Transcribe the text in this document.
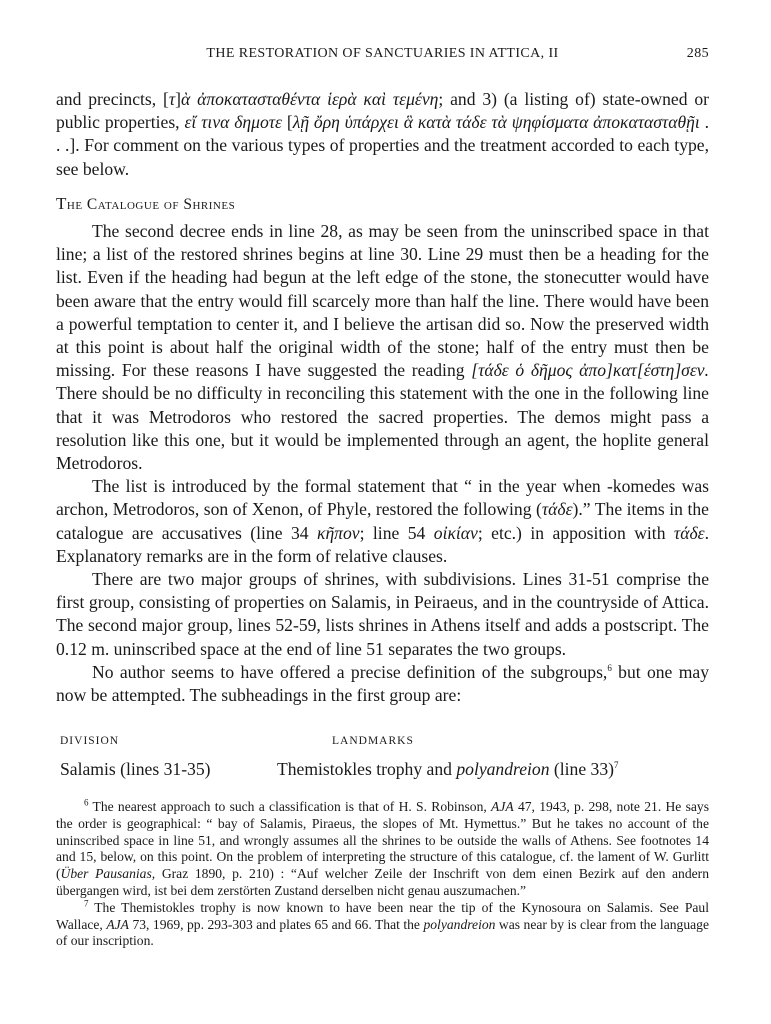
THE RESTORATION OF SANCTUARIES IN ATTICA, II	285

and precincts, [τ]ὰ ἀποκατασταθέντα ἱερὰ καὶ τεμένη; and 3) (a listing of) state-owned or public properties, εἴ τινα δημοτε [λῇ ὄρη ὑπάρχει ἃ κατὰ τάδε τὰ ψηφίσματα ἀποκατασταθῇι . . .]. For comment on the various types of properties and the treatment accorded to each type, see below.

The Catalogue of Shrines

The second decree ends in line 28, as may be seen from the uninscribed space in that line; a list of the restored shrines begins at line 30. Line 29 must then be a heading for the list. Even if the heading had begun at the left edge of the stone, the stonecutter would have been aware that the entry would fill scarcely more than half the line. There would have been a powerful temptation to center it, and I believe the artisan did so. Now the preserved width at this point is about half the original width of the stone; half of the entry must then be missing. For these reasons I have suggested the reading [τάδε ὁ δῆμος ἀπο]κατ[έστη]σεν. There should be no difficulty in reconciling this statement with the one in the following line that it was Metrodoros who restored the sacred properties. The demos might pass a resolution like this one, but it would be implemented through an agent, the hoplite general Metrodoros.

The list is introduced by the formal statement that “ in the year when -komedes was archon, Metrodoros, son of Xenon, of Phyle, restored the following (τάδε).” The items in the catalogue are accusatives (line 34 κῆπον; line 54 οἰκίαν; etc.) in apposition with τάδε. Explanatory remarks are in the form of relative clauses.

There are two major groups of shrines, with subdivisions. Lines 31-51 comprise the first group, consisting of properties on Salamis, in Peiraeus, and in the countryside of Attica. The second major group, lines 52-59, lists shrines in Athens itself and adds a postscript. The 0.12 m. uninscribed space at the end of line 51 separates the two groups.

No author seems to have offered a precise definition of the subgroups,$^6$ but one may now be attempted. The subheadings in the first group are:

DIVISION	LANDMARKS
Salamis (lines 31-35)	Themistokles trophy and polyandreion (line 33)$^7$

$^6$ The nearest approach to such a classification is that of H. S. Robinson, AJA 47, 1943, p. 298, note 21. He says the order is geographical: “ bay of Salamis, Piraeus, the slopes of Mt. Hymettus.” But he takes no account of the uninscribed space in line 51, and wrongly assumes all the shrines to be outside the walls of Athens. See footnotes 14 and 15, below, on this point. On the problem of interpreting the structure of this catalogue, cf. the lament of W. Gurlitt (Über Pausanias, Graz 1890, p. 210) : “Auf welcher Zeile der Inschrift von dem einen Bezirk auf den andern übergangen wird, ist bei dem zerstörten Zustand derselben nicht genau auszumachen.”

$^7$ The Themistokles trophy is now known to have been near the tip of the Kynosoura on Salamis. See Paul Wallace, AJA 73, 1969, pp. 293-303 and plates 65 and 66. That the polyandreion was near by is clear from the language of our inscription.
